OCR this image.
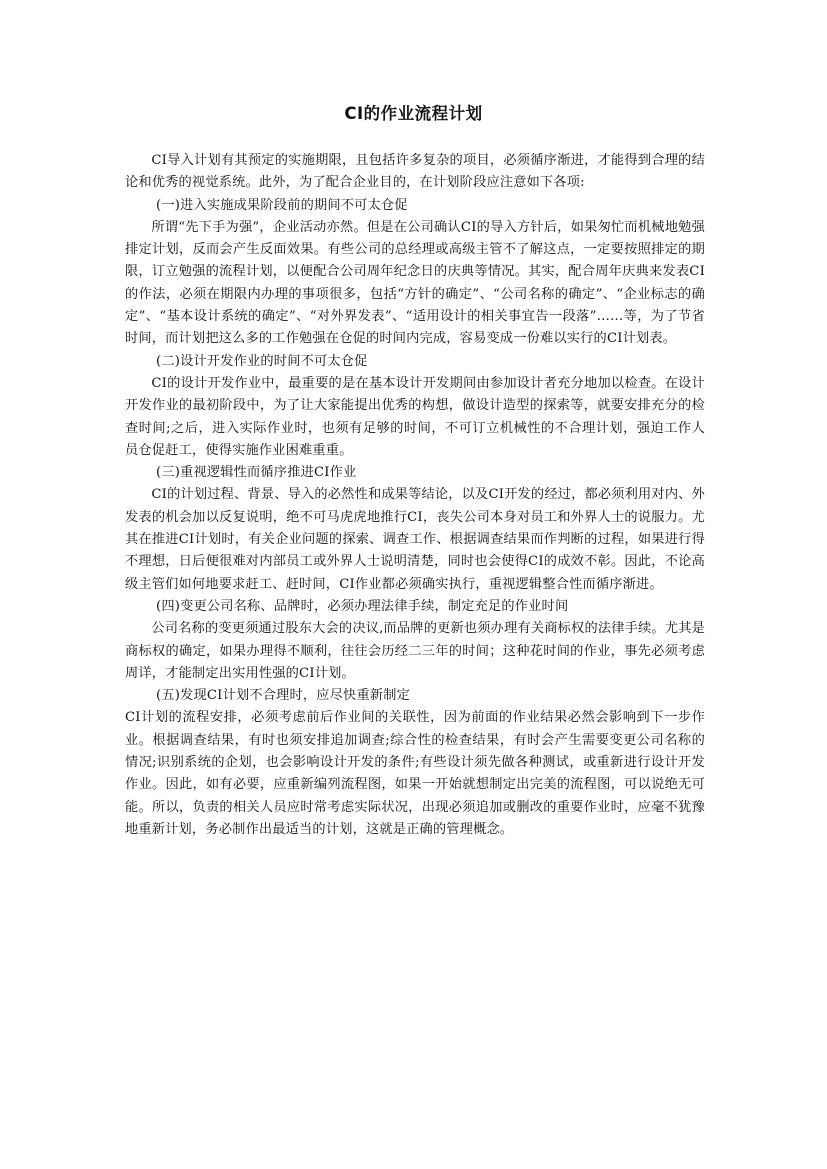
CI的作业流程计划

CI导入计划有其预定的实施期限，且包括许多复杂的项目，必须循序渐进，才能得到合理的结论和优秀的视觉系统。此外，为了配合企业目的，在计划阶段应注意如下各项:

(一)进入实施成果阶段前的期间不可太仓促

所谓“先下手为强”，企业活动亦然。但是在公司确认CI的导入方针后，如果匆忙而机械地勉强排定计划，反而会产生反面效果。有些公司的总经理或高级主管不了解这点，一定要按照排定的期限，订立勉强的流程计划，以便配合公司周年纪念日的庆典等情况。其实，配合周年庆典来发表CI的作法，必须在期限内办理的事项很多，包括“方针的确定”、“公司名称的确定”、“企业标志的确定”、“基本设计系统的确定”、“对外界发表”、“适用设计的相关事宜告一段落”……等，为了节省时间，而计划把这么多的工作勉强在仓促的时间内完成，容易变成一份难以实行的CI计划表。

(二)设计开发作业的时间不可太仓促

CI的设计开发作业中，最重要的是在基本设计开发期间由参加设计者充分地加以检查。在设计开发作业的最初阶段中，为了让大家能提出优秀的构想，做设计造型的探索等，就要安排充分的检查时间;之后，进入实际作业时，也须有足够的时间，不可订立机械性的不合理计划，强迫工作人员仓促赶工，使得实施作业困难重重。

(三)重视逻辑性而循序推进CI作业

CI的计划过程、背景、导入的必然性和成果等结论，以及CI开发的经过，都必须利用对内、外发表的机会加以反复说明，绝不可马虎虎地推行CI，丧失公司本身对员工和外界人士的说服力。尤其在推进CI计划时，有关企业问题的探索、调查工作、根据调查结果而作判断的过程，如果进行得不理想，日后便很难对内部员工或外界人士说明清楚，同时也会使得CI的成效不彰。因此，不论高级主管们如何地要求赶工、赶时间，CI作业都必须确实执行，重视逻辑整合性而循序渐进。

(四)变更公司名称、品牌时，必须办理法律手续，制定充足的作业时间

公司名称的变更须通过股东大会的决议,而品牌的更新也须办理有关商标权的法律手续。尤其是商标权的确定，如果办理得不顺利，往往会历经二三年的时间；这种花时间的作业，事先必须考虑周详，才能制定出实用性强的CI计划。

(五)发现CI计划不合理时，应尽快重新制定

CI计划的流程安排，必须考虑前后作业间的关联性，因为前面的作业结果必然会影响到下一步作业。根据调查结果，有时也须安排追加调查;综合性的检查结果，有时会产生需要变更公司名称的情况;识别系统的企划，也会影响设计开发的条件;有些设计须先做各种测试，或重新进行设计开发作业。因此，如有必要，应重新编列流程图，如果一开始就想制定出完美的流程图，可以说绝无可能。所以，负责的相关人员应时常考虑实际状况，出现必须追加或删改的重要作业时，应毫不犹豫地重新计划，务必制作出最适当的计划，这就是正确的管理概念。
